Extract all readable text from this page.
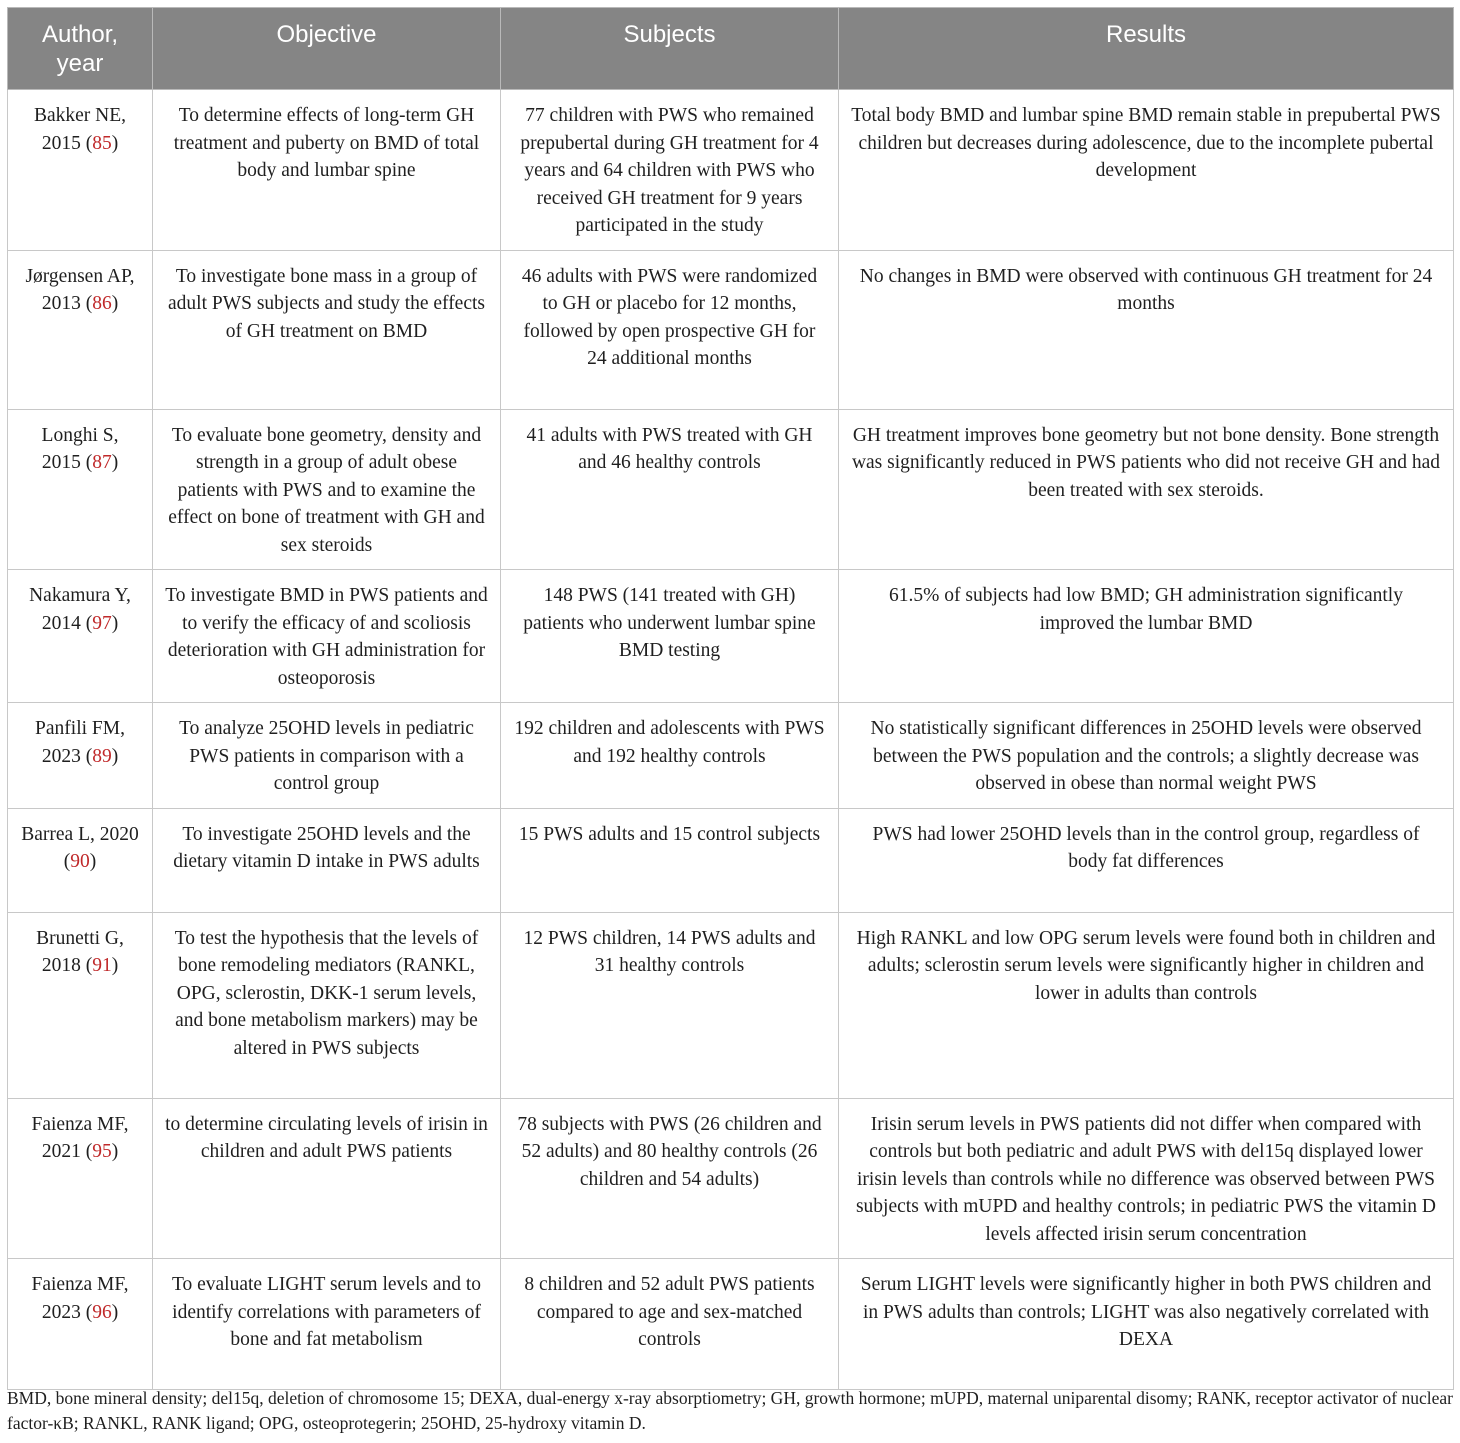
Author, year	Objective	Subjects	Results
Bakker NE, 2015 (85)	To determine effects of long-term GH treatment and puberty on BMD of total body and lumbar spine	77 children with PWS who remained prepubertal during GH treatment for 4 years and 64 children with PWS who received GH treatment for 9 years participated in the study	Total body BMD and lumbar spine BMD remain stable in prepubertal PWS children but decreases during adolescence, due to the incomplete pubertal development
Jørgensen AP, 2013 (86)	To investigate bone mass in a group of adult PWS subjects and study the effects of GH treatment on BMD	46 adults with PWS were randomized to GH or placebo for 12 months, followed by open prospective GH for 24 additional months	No changes in BMD were observed with continuous GH treatment for 24 months
Longhi S, 2015 (87)	To evaluate bone geometry, density and strength in a group of adult obese patients with PWS and to examine the effect on bone of treatment with GH and sex steroids	41 adults with PWS treated with GH and 46 healthy controls	GH treatment improves bone geometry but not bone density. Bone strength was significantly reduced in PWS patients who did not receive GH and had been treated with sex steroids.
Nakamura Y, 2014 (97)	To investigate BMD in PWS patients and to verify the efficacy of and scoliosis deterioration with GH administration for osteoporosis	148 PWS (141 treated with GH) patients who underwent lumbar spine BMD testing	61.5% of subjects had low BMD; GH administration significantly improved the lumbar BMD
Panfili FM, 2023 (89)	To analyze 25OHD levels in pediatric PWS patients in comparison with a control group	192 children and adolescents with PWS and 192 healthy controls	No statistically significant differences in 25OHD levels were observed between the PWS population and the controls; a slightly decrease was observed in obese than normal weight PWS
Barrea L, 2020 (90)	To investigate 25OHD levels and the dietary vitamin D intake in PWS adults	15 PWS adults and 15 control subjects	PWS had lower 25OHD levels than in the control group, regardless of body fat differences
Brunetti G, 2018 (91)	To test the hypothesis that the levels of bone remodeling mediators (RANKL, OPG, sclerostin, DKK-1 serum levels, and bone metabolism markers) may be altered in PWS subjects	12 PWS children, 14 PWS adults and 31 healthy controls	High RANKL and low OPG serum levels were found both in children and adults; sclerostin serum levels were significantly higher in children and lower in adults than controls
Faienza MF, 2021 (95)	to determine circulating levels of irisin in children and adult PWS patients	78 subjects with PWS (26 children and 52 adults) and 80 healthy controls (26 children and 54 adults)	Irisin serum levels in PWS patients did not differ when compared with controls but both pediatric and adult PWS with del15q displayed lower irisin levels than controls while no difference was observed between PWS subjects with mUPD and healthy controls; in pediatric PWS the vitamin D levels affected irisin serum concentration
Faienza MF, 2023 (96)	To evaluate LIGHT serum levels and to identify correlations with parameters of bone and fat metabolism	8 children and 52 adult PWS patients compared to age and sex-matched controls	Serum LIGHT levels were significantly higher in both PWS children and in PWS adults than controls; LIGHT was also negatively correlated with DEXA
BMD, bone mineral density; del15q, deletion of chromosome 15; DEXA, dual-energy x-ray absorptiometry; GH, growth hormone; mUPD, maternal uniparental disomy; RANK, receptor activator of nuclear factor-κB; RANKL, RANK ligand; OPG, osteoprotegerin; 25OHD, 25-hydroxy vitamin D.
